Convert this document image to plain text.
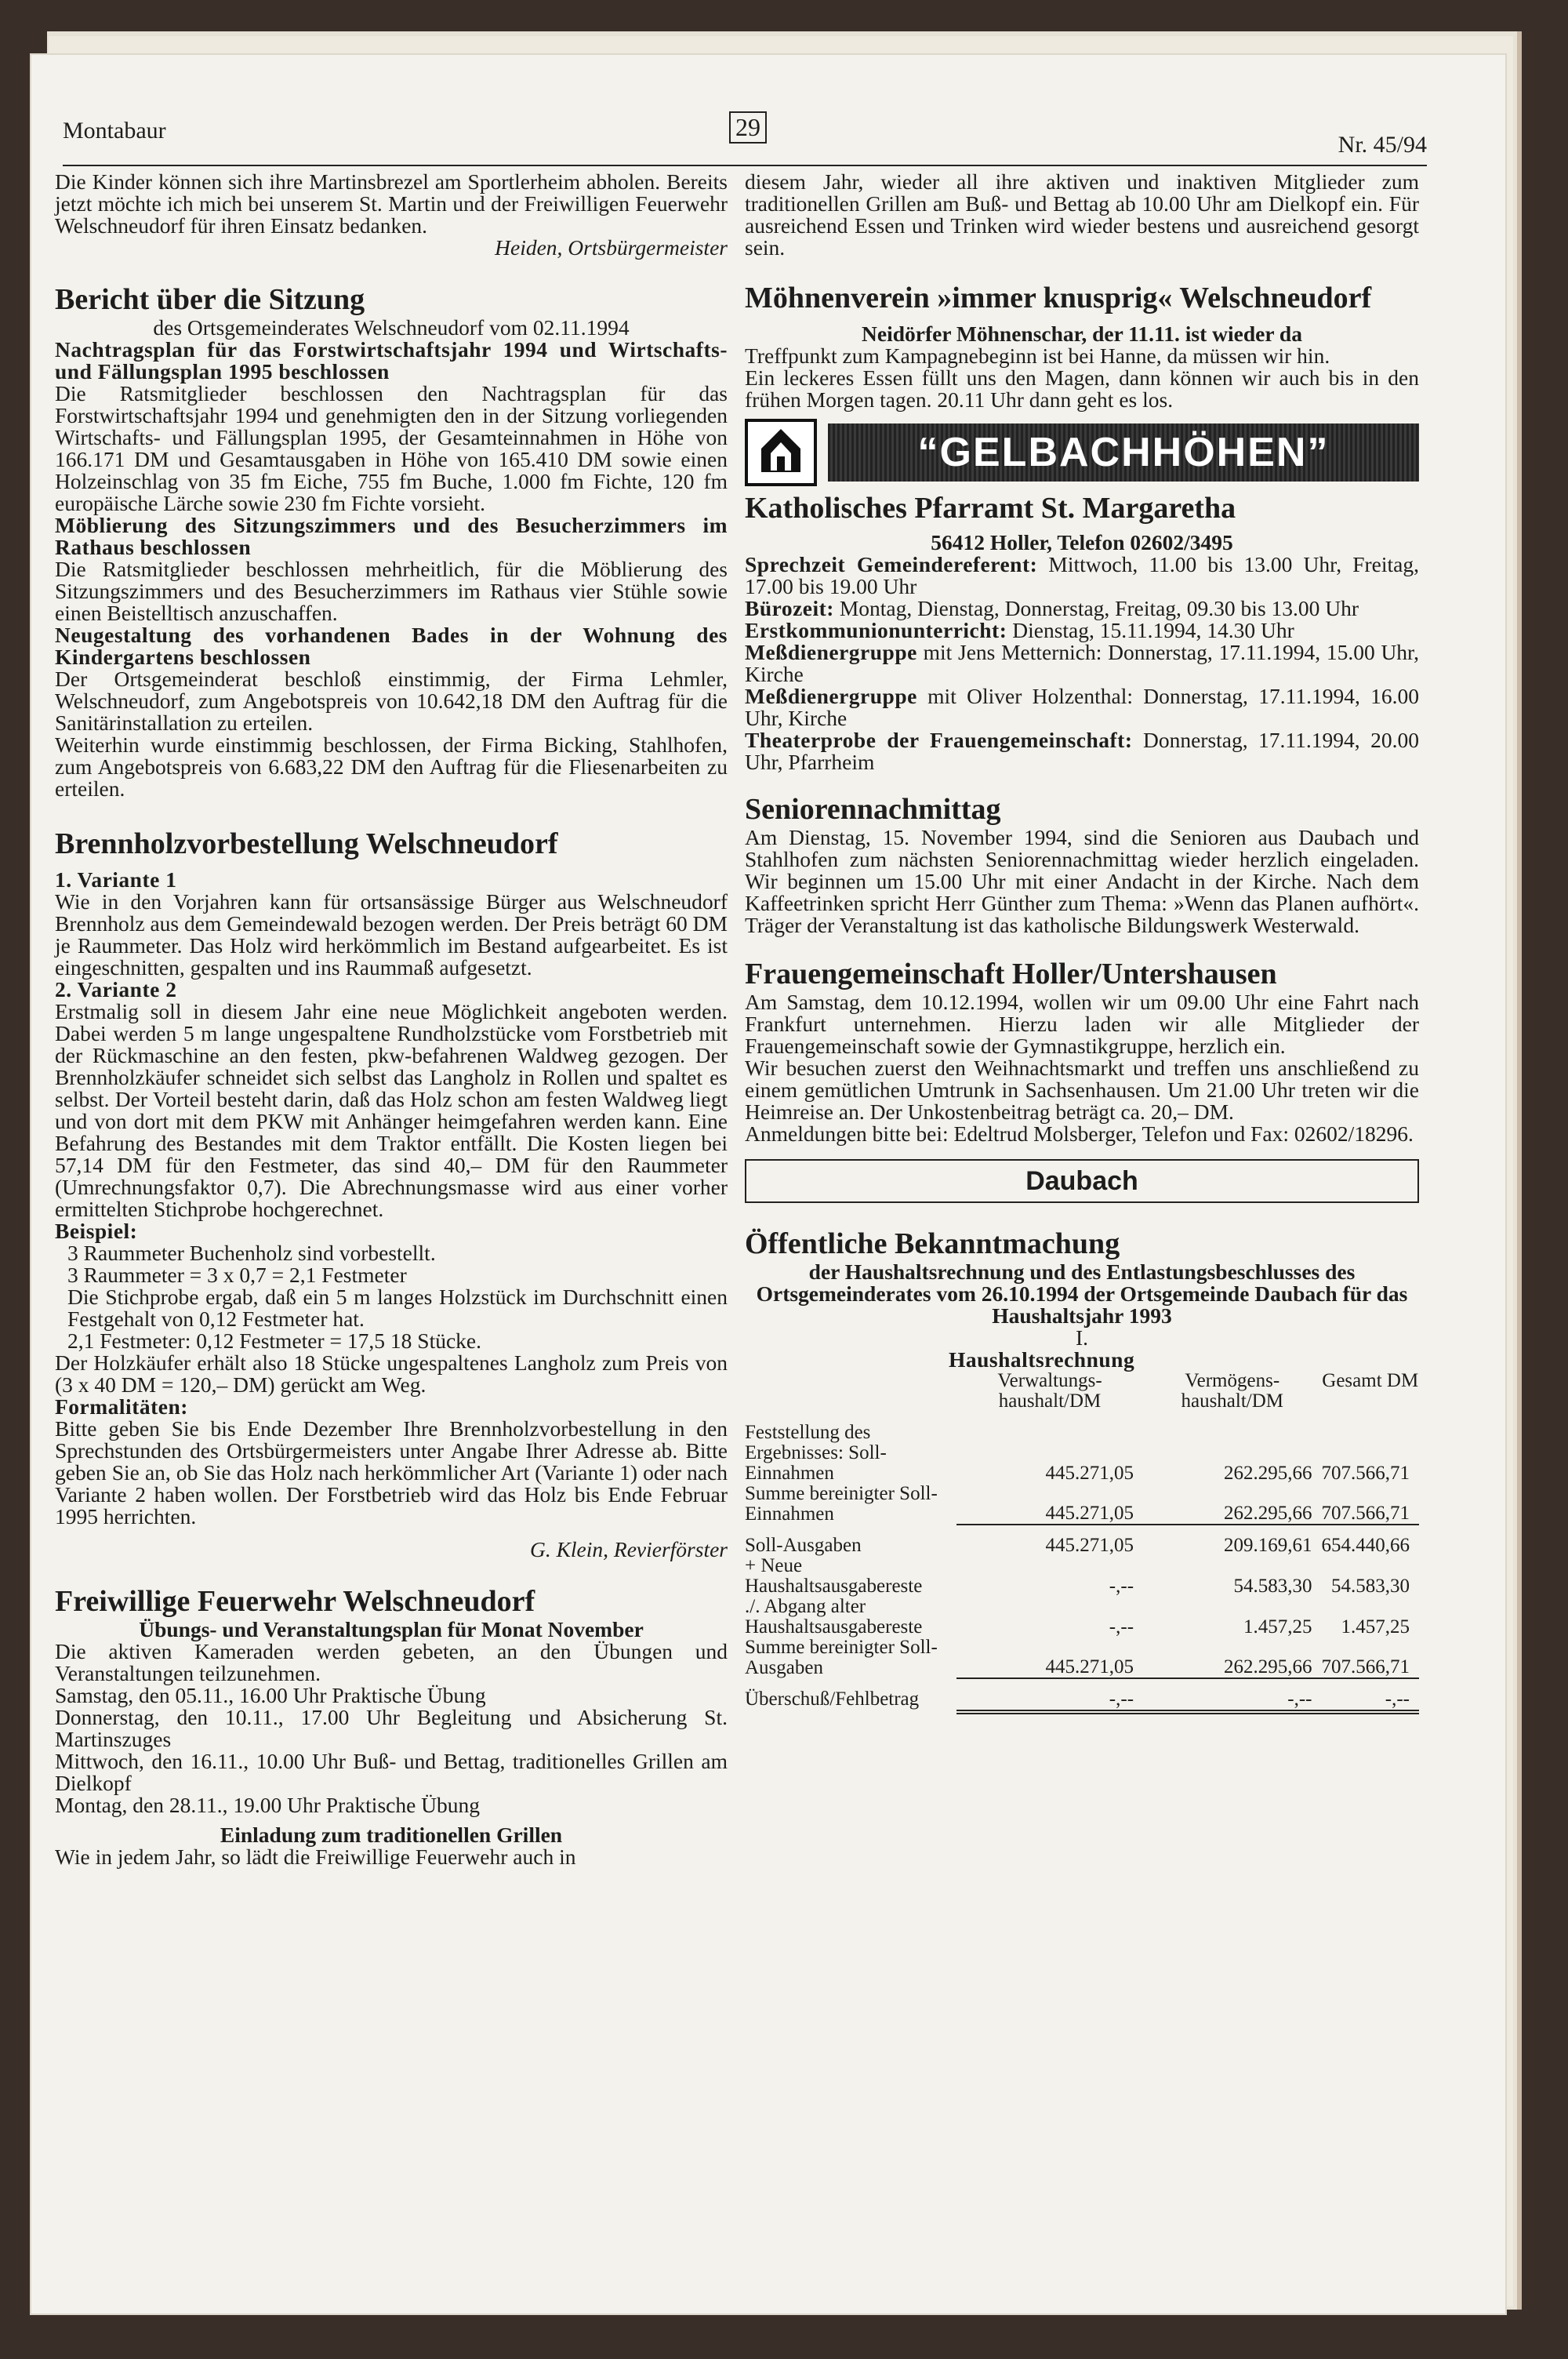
Montabaur	29
Nr. 45/94

Die Kinder können sich ihre Martinsbrezel am Sportlerheim abholen. Bereits jetzt möchte ich mich bei unserem St. Martin und der Freiwilligen Feuerwehr Welschneudorf für ihren Einsatz bedanken.

Heiden, Ortsbürgermeister

Bericht über die Sitzung

des Ortsgemeinderates Welschneudorf vom 02.11.1994

Nachtragsplan für das Forstwirtschaftsjahr 1994 und Wirtschafts- und Fällungsplan 1995 beschlossen

Die Ratsmitglieder beschlossen den Nachtragsplan für das Forstwirtschaftsjahr 1994 und genehmigten den in der Sitzung vorliegenden Wirtschafts- und Fällungsplan 1995, der Gesamteinnahmen in Höhe von 166.171 DM und Gesamtausgaben in Höhe von 165.410 DM sowie einen Holzeinschlag von 35 fm Eiche, 755 fm Buche, 1.000 fm Fichte, 120 fm europäische Lärche sowie 230 fm Fichte vorsieht.

Möblierung des Sitzungszimmers und des Besucherzimmers im Rathaus beschlossen

Die Ratsmitglieder beschlossen mehrheitlich, für die Möblierung des Sitzungszimmers und des Besucherzimmers im Rathaus vier Stühle sowie einen Beistelltisch anzuschaffen.

Neugestaltung des vorhandenen Bades in der Wohnung des Kindergartens beschlossen

Der Ortsgemeinderat beschloß einstimmig, der Firma Lehmler, Welschneudorf, zum Angebotspreis von 10.642,18 DM den Auftrag für die Sanitärinstallation zu erteilen.

Weiterhin wurde einstimmig beschlossen, der Firma Bicking, Stahlhofen, zum Angebotspreis von 6.683,22 DM den Auftrag für die Fliesenarbeiten zu erteilen.

Brennholzvorbestellung Welschneudorf

1. Variante 1

Wie in den Vorjahren kann für ortsansässige Bürger aus Welschneudorf Brennholz aus dem Gemeindewald bezogen werden. Der Preis beträgt 60 DM je Raummeter. Das Holz wird herkömmlich im Bestand aufgearbeitet. Es ist eingeschnitten, gespalten und ins Raummaß aufgesetzt.

2. Variante 2

Erstmalig soll in diesem Jahr eine neue Möglichkeit angeboten werden. Dabei werden 5 m lange ungespaltene Rundholzstücke vom Forstbetrieb mit der Rückmaschine an den festen, pkw-befahrenen Waldweg gezogen. Der Brennholzkäufer schneidet sich selbst das Langholz in Rollen und spaltet es selbst. Der Vorteil besteht darin, daß das Holz schon am festen Waldweg liegt und von dort mit dem PKW mit Anhänger heimgefahren werden kann. Eine Befahrung des Bestandes mit dem Traktor entfällt. Die Kosten liegen bei 57,14 DM für den Festmeter, das sind 40,– DM für den Raummeter (Umrechnungsfaktor 0,7). Die Abrechnungsmasse wird aus einer vorher ermittelten Stichprobe hochgerechnet.

Beispiel:

3 Raummeter Buchenholz sind vorbestellt.

3 Raummeter = 3 x 0,7 = 2,1 Festmeter

Die Stichprobe ergab, daß ein 5 m langes Holzstück im Durchschnitt einen Festgehalt von 0,12 Festmeter hat.

2,1 Festmeter: 0,12 Festmeter = 17,5 18 Stücke.

Der Holzkäufer erhält also 18 Stücke ungespaltenes Langholz zum Preis von (3 x 40 DM = 120,– DM) gerückt am Weg.

Formalitäten:

Bitte geben Sie bis Ende Dezember Ihre Brennholzvorbestellung in den Sprechstunden des Ortsbürgermeisters unter Angabe Ihrer Adresse ab. Bitte geben Sie an, ob Sie das Holz nach herkömmlicher Art (Variante 1) oder nach Variante 2 haben wollen. Der Forstbetrieb wird das Holz bis Ende Februar 1995 herrichten.

G. Klein, Revierförster

Freiwillige Feuerwehr Welschneudorf

Übungs- und Veranstaltungsplan für Monat November

Die aktiven Kameraden werden gebeten, an den Übungen und Veranstaltungen teilzunehmen.

Samstag, den 05.11., 16.00 Uhr Praktische Übung

Donnerstag, den 10.11., 17.00 Uhr Begleitung und Absicherung St. Martinszuges

Mittwoch, den 16.11., 10.00 Uhr Buß- und Bettag, traditionelles Grillen am Dielkopf

Montag, den 28.11., 19.00 Uhr Praktische Übung

Einladung zum traditionellen Grillen

Wie in jedem Jahr, so lädt die Freiwillige Feuerwehr auch in

diesem Jahr, wieder all ihre aktiven und inaktiven Mitglieder zum traditionellen Grillen am Buß- und Bettag ab 10.00 Uhr am Dielkopf ein. Für ausreichend Essen und Trinken wird wieder bestens und ausreichend gesorgt sein.

Möhnenverein »immer knusprig« Welschneudorf

Neidörfer Möhnenschar, der 11.11. ist wieder da

Treffpunkt zum Kampagnebeginn ist bei Hanne, da müssen wir hin.

Ein leckeres Essen füllt uns den Magen, dann können wir auch bis in den frühen Morgen tagen. 20.11 Uhr dann geht es los.

“GELBACHHÖHEN”

Katholisches Pfarramt St. Margaretha

56412 Holler, Telefon 02602/3495

Sprechzeit Gemeindereferent: Mittwoch, 11.00 bis 13.00 Uhr, Freitag, 17.00 bis 19.00 Uhr

Bürozeit: Montag, Dienstag, Donnerstag, Freitag, 09.30 bis 13.00 Uhr

Erstkommunionunterricht: Dienstag, 15.11.1994, 14.30 Uhr

Meßdienergruppe mit Jens Metternich: Donnerstag, 17.11.1994, 15.00 Uhr, Kirche

Meßdienergruppe mit Oliver Holzenthal: Donnerstag, 17.11.1994, 16.00 Uhr, Kirche

Theaterprobe der Frauengemeinschaft: Donnerstag, 17.11.1994, 20.00 Uhr, Pfarrheim

Seniorennachmittag

Am Dienstag, 15. November 1994, sind die Senioren aus Daubach und Stahlhofen zum nächsten Seniorennachmittag wieder herzlich eingeladen. Wir beginnen um 15.00 Uhr mit einer Andacht in der Kirche. Nach dem Kaffeetrinken spricht Herr Günther zum Thema: »Wenn das Planen aufhört«. Träger der Veranstaltung ist das katholische Bildungswerk Westerwald.

Frauengemeinschaft Holler/Untershausen

Am Samstag, dem 10.12.1994, wollen wir um 09.00 Uhr eine Fahrt nach Frankfurt unternehmen. Hierzu laden wir alle Mitglieder der Frauengemeinschaft sowie der Gymnastikgruppe, herzlich ein.

Wir besuchen zuerst den Weihnachtsmarkt und treffen uns anschließend zu einem gemütlichen Umtrunk in Sachsenhausen. Um 21.00 Uhr treten wir die Heimreise an. Der Unkostenbeitrag beträgt ca. 20,– DM.

Anmeldungen bitte bei: Edeltrud Molsberger, Telefon und Fax: 02602/18296.

Daubach

Öffentliche Bekanntmachung

der Haushaltsrechnung und des Entlastungsbeschlusses des Ortsgemeinderates vom 26.10.1994 der Ortsgemeinde Daubach für das Haushaltsjahr 1993

I.

Haushaltsrechnung

	Verwaltungs-haushalt/DM	Vermögens-haushalt/DM	Gesamt DM

Feststellung des Ergebnisses: Soll-Einnahmen	445.271,05	262.295,66	707.566,71
Summe bereinigter Soll-Einnahmen	445.271,05	262.295,66	707.566,71

Soll-Ausgaben	445.271,05	209.169,61	654.440,66
+ Neue Haushaltsausgabereste	-,--	54.583,30	54.583,30
./. Abgang alter Haushaltsausgabereste	-,--	1.457,25	1.457,25
Summe bereinigter Soll-Ausgaben	445.271,05	262.295,66	707.566,71

Überschuß/Fehlbetrag	-,--	-,--	-,--
